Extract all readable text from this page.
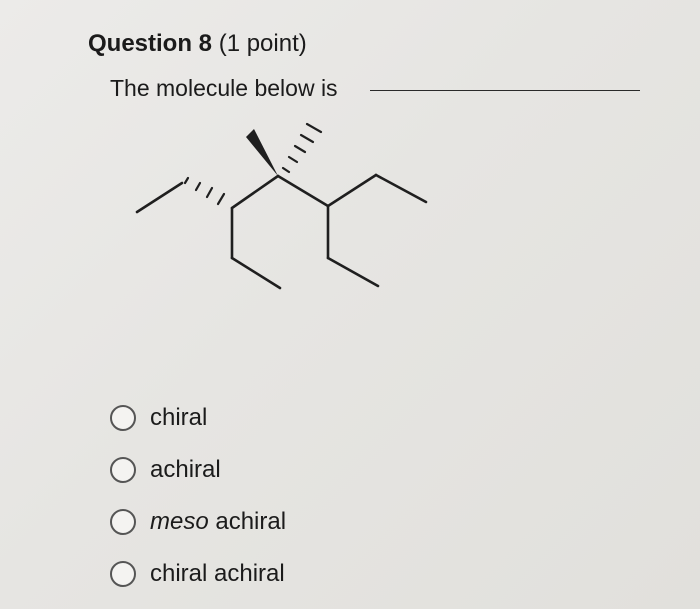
Question 8 (1 point)
The molecule below is
chiral
achiral
meso achiral
chiral achiral
